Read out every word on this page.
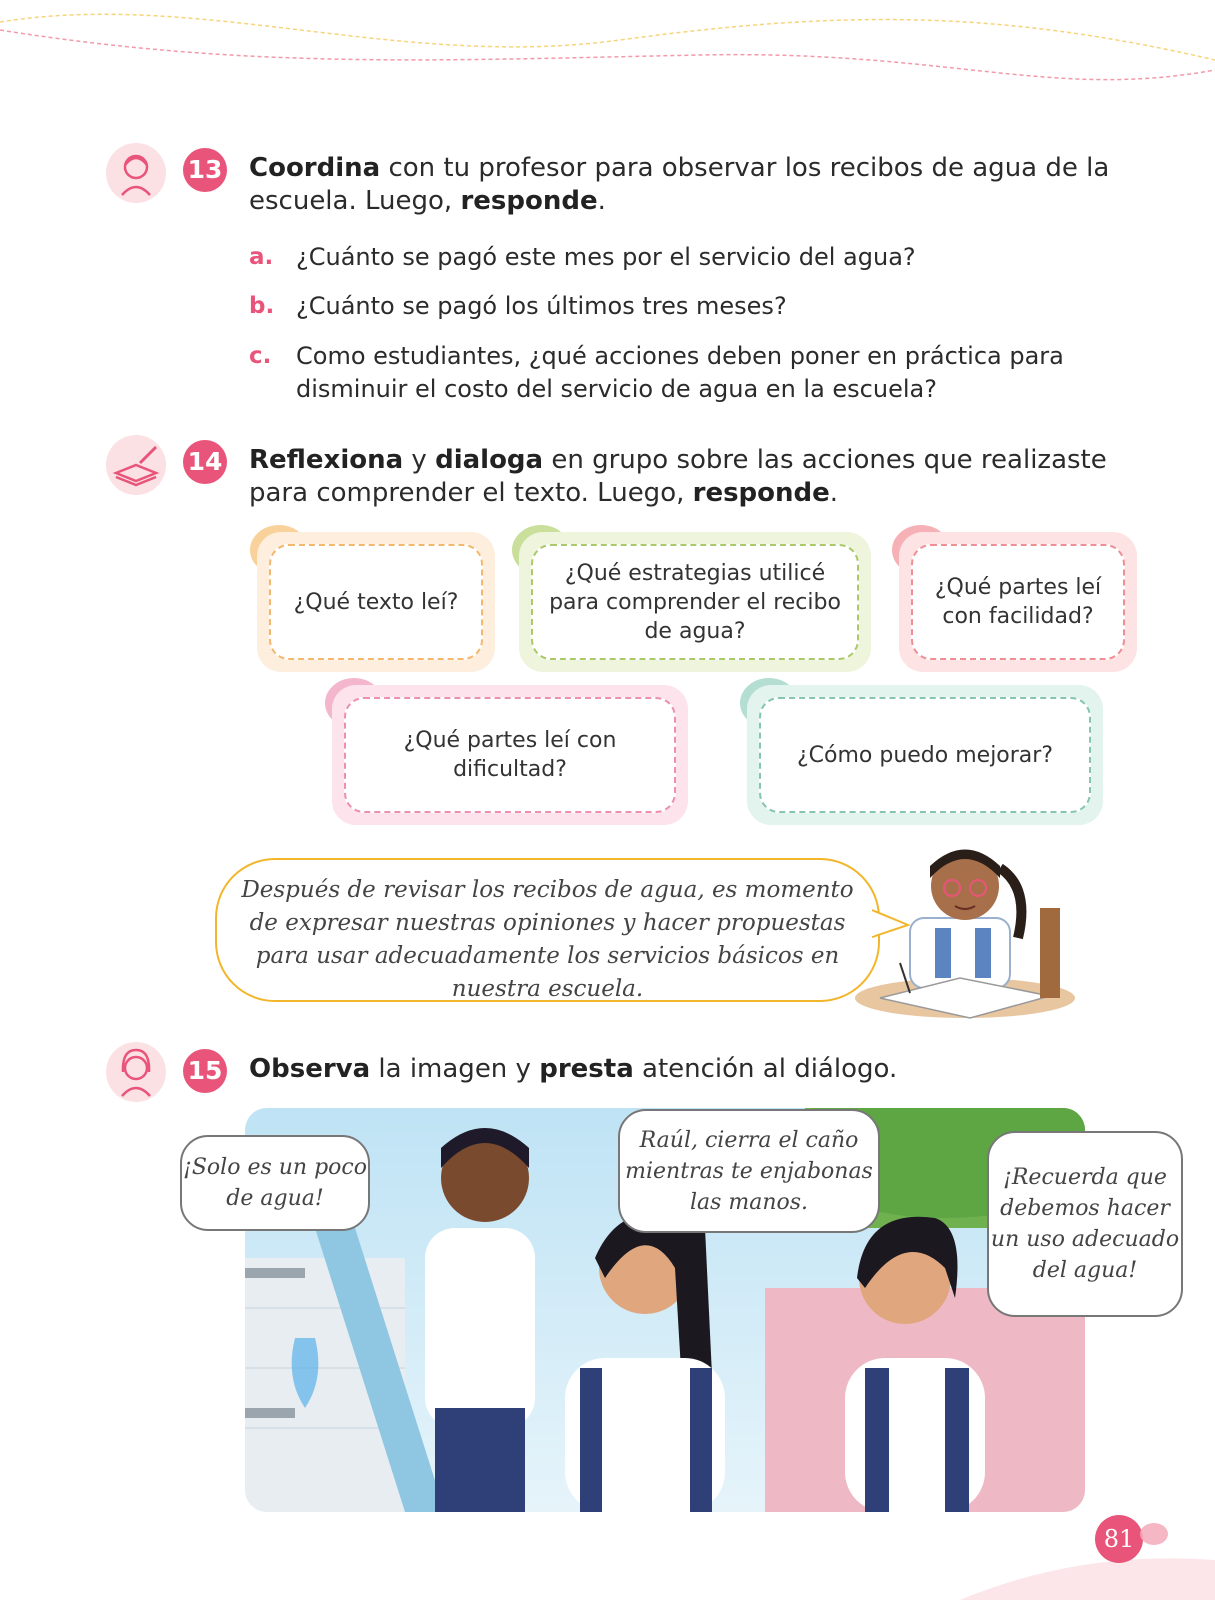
13 Coordina con tu profesor para observar los recibos de agua de la escuela. Luego, responde.
a. ¿Cuánto se pagó este mes por el servicio del agua?
b. ¿Cuánto se pagó los últimos tres meses?
c. Como estudiantes, ¿qué acciones deben poner en práctica para disminuir el costo del servicio de agua en la escuela?
14 Reflexiona y dialoga en grupo sobre las acciones que realizaste para comprender el texto. Luego, responde.
¿Qué texto leí?
¿Qué estrategias utilicé para comprender el recibo de agua?
¿Qué partes leí con facilidad?
¿Qué partes leí con dificultad?
¿Cómo puedo mejorar?
Después de revisar los recibos de agua, es momento de expresar nuestras opiniones y hacer propuestas para usar adecuadamente los servicios básicos en nuestra escuela.
15 Observa la imagen y presta atención al diálogo.
¡Solo es un poco de agua!
Raúl, cierra el caño mientras te enjabonas las manos.
¡Recuerda que debemos hacer un uso adecuado del agua!
81
